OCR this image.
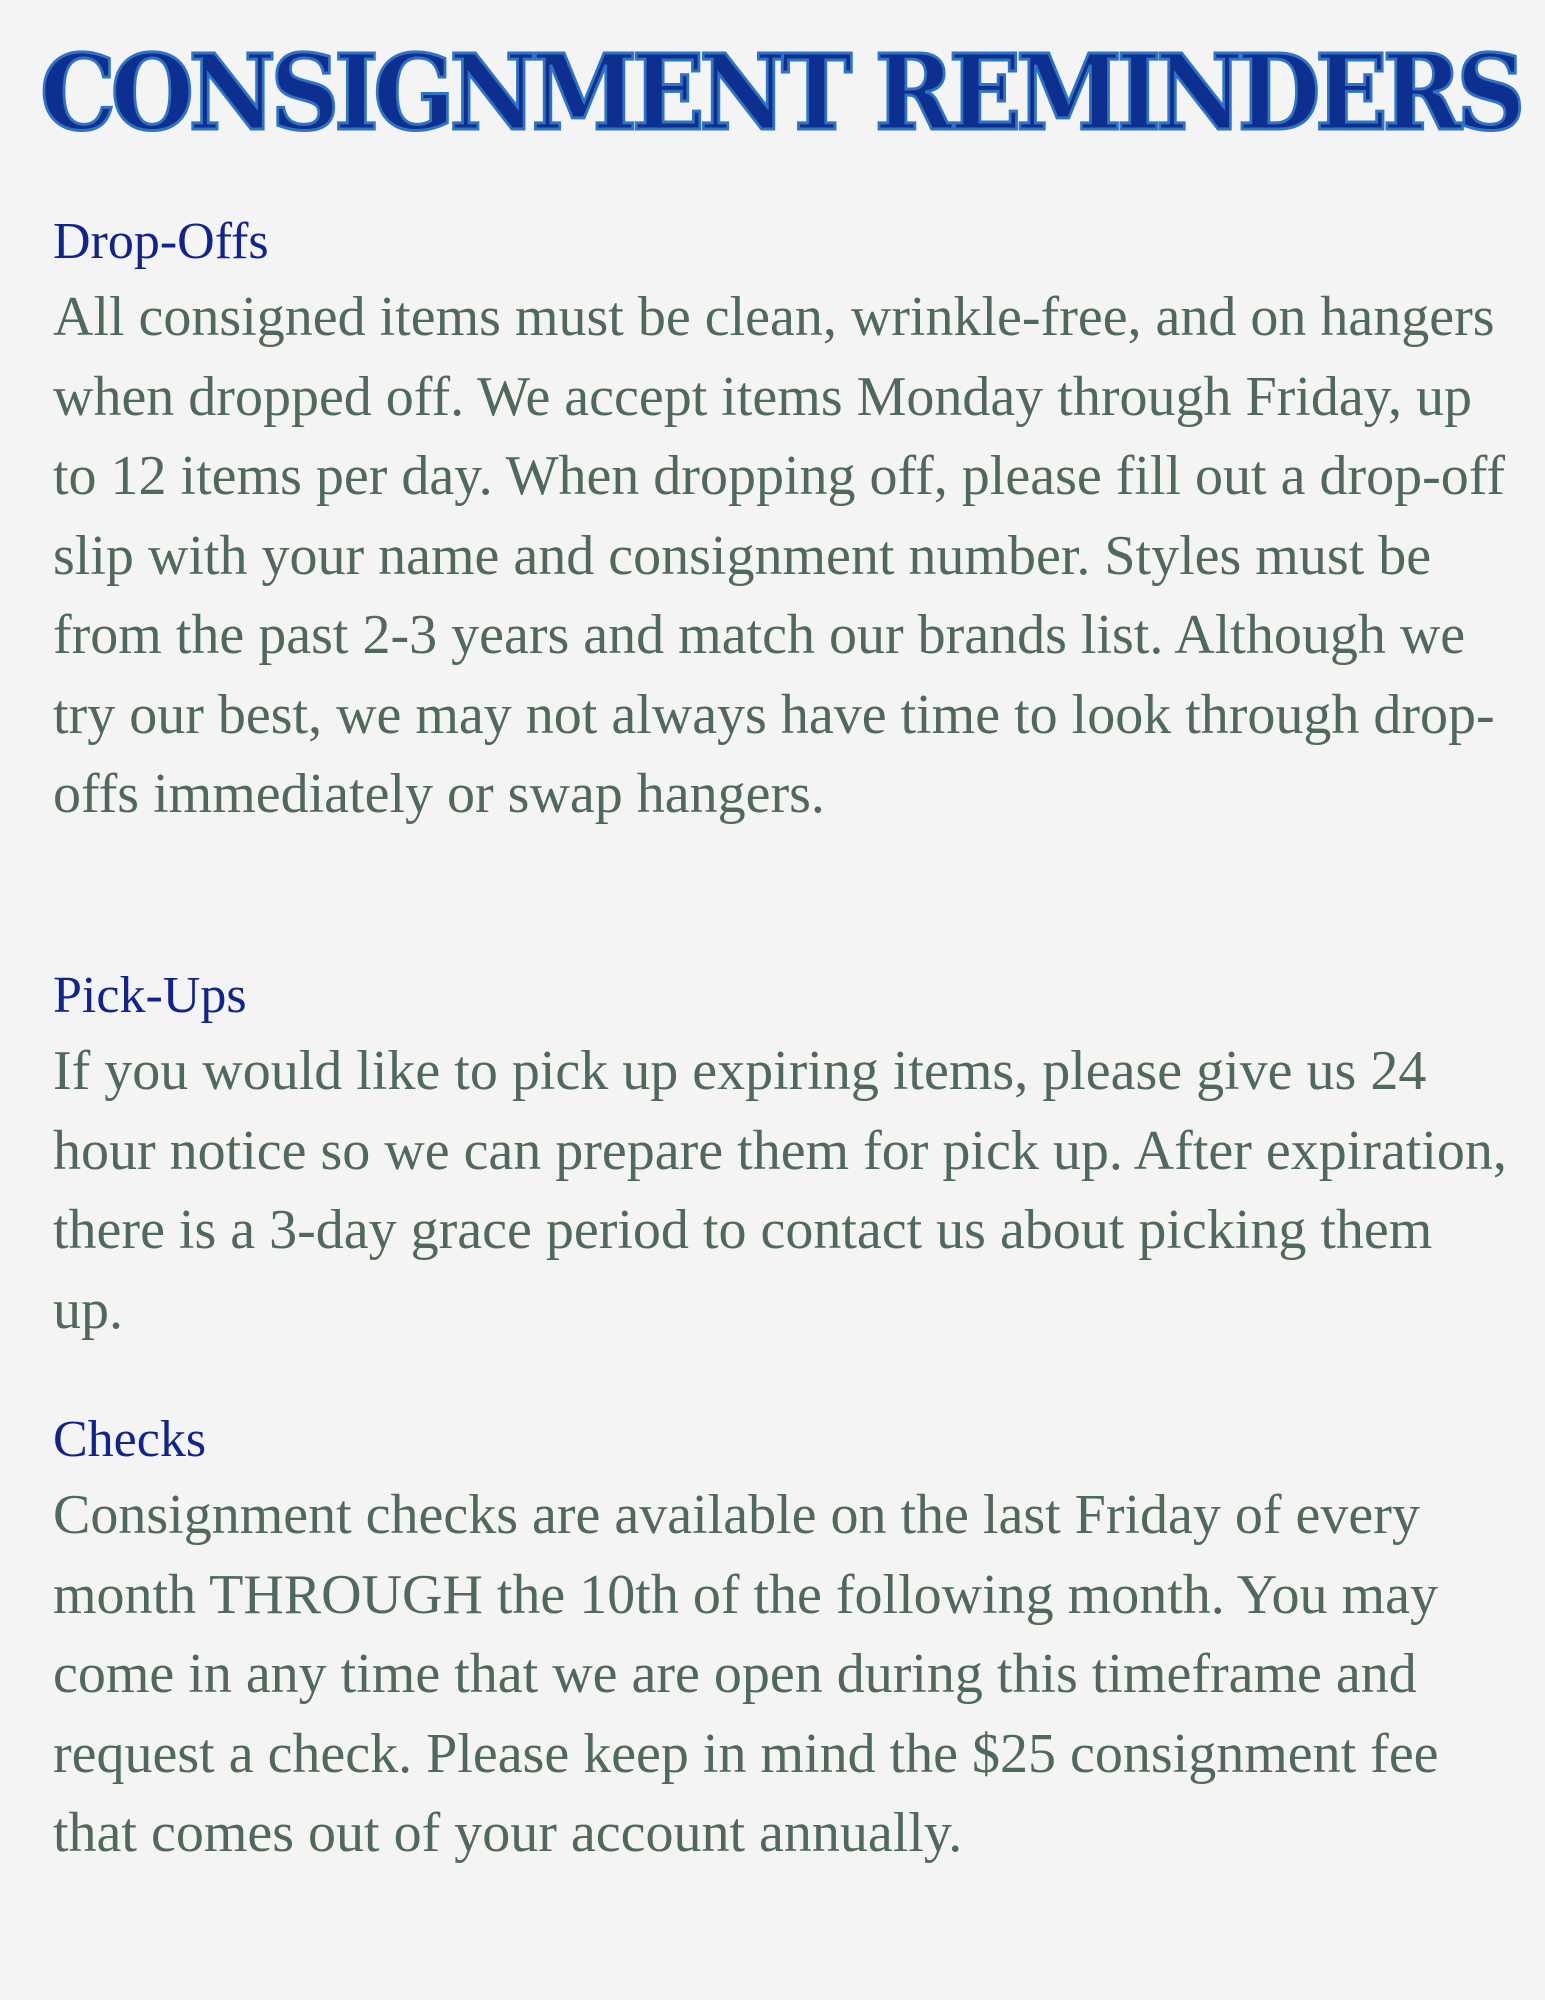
CONSIGNMENT REMINDERS
Drop-Offs

All consigned items must be clean, wrinkle-free, and on hangers when dropped off. We accept items Monday through Friday, up to 12 items per day. When dropping off, please fill out a drop-off slip with your name and consignment number. Styles must be from the past 2-3 years and match our brands list. Although we try our best, we may not always have time to look through drop-offs immediately or swap hangers.

Pick-Ups

If you would like to pick up expiring items, please give us 24 hour notice so we can prepare them for pick up. After expiration, there is a 3-day grace period to contact us about picking them up.

Checks

Consignment checks are available on the last Friday of every month THROUGH the 10th of the following month. You may come in any time that we are open during this timeframe and request a check. Please keep in mind the $25 consignment fee that comes out of your account annually.
